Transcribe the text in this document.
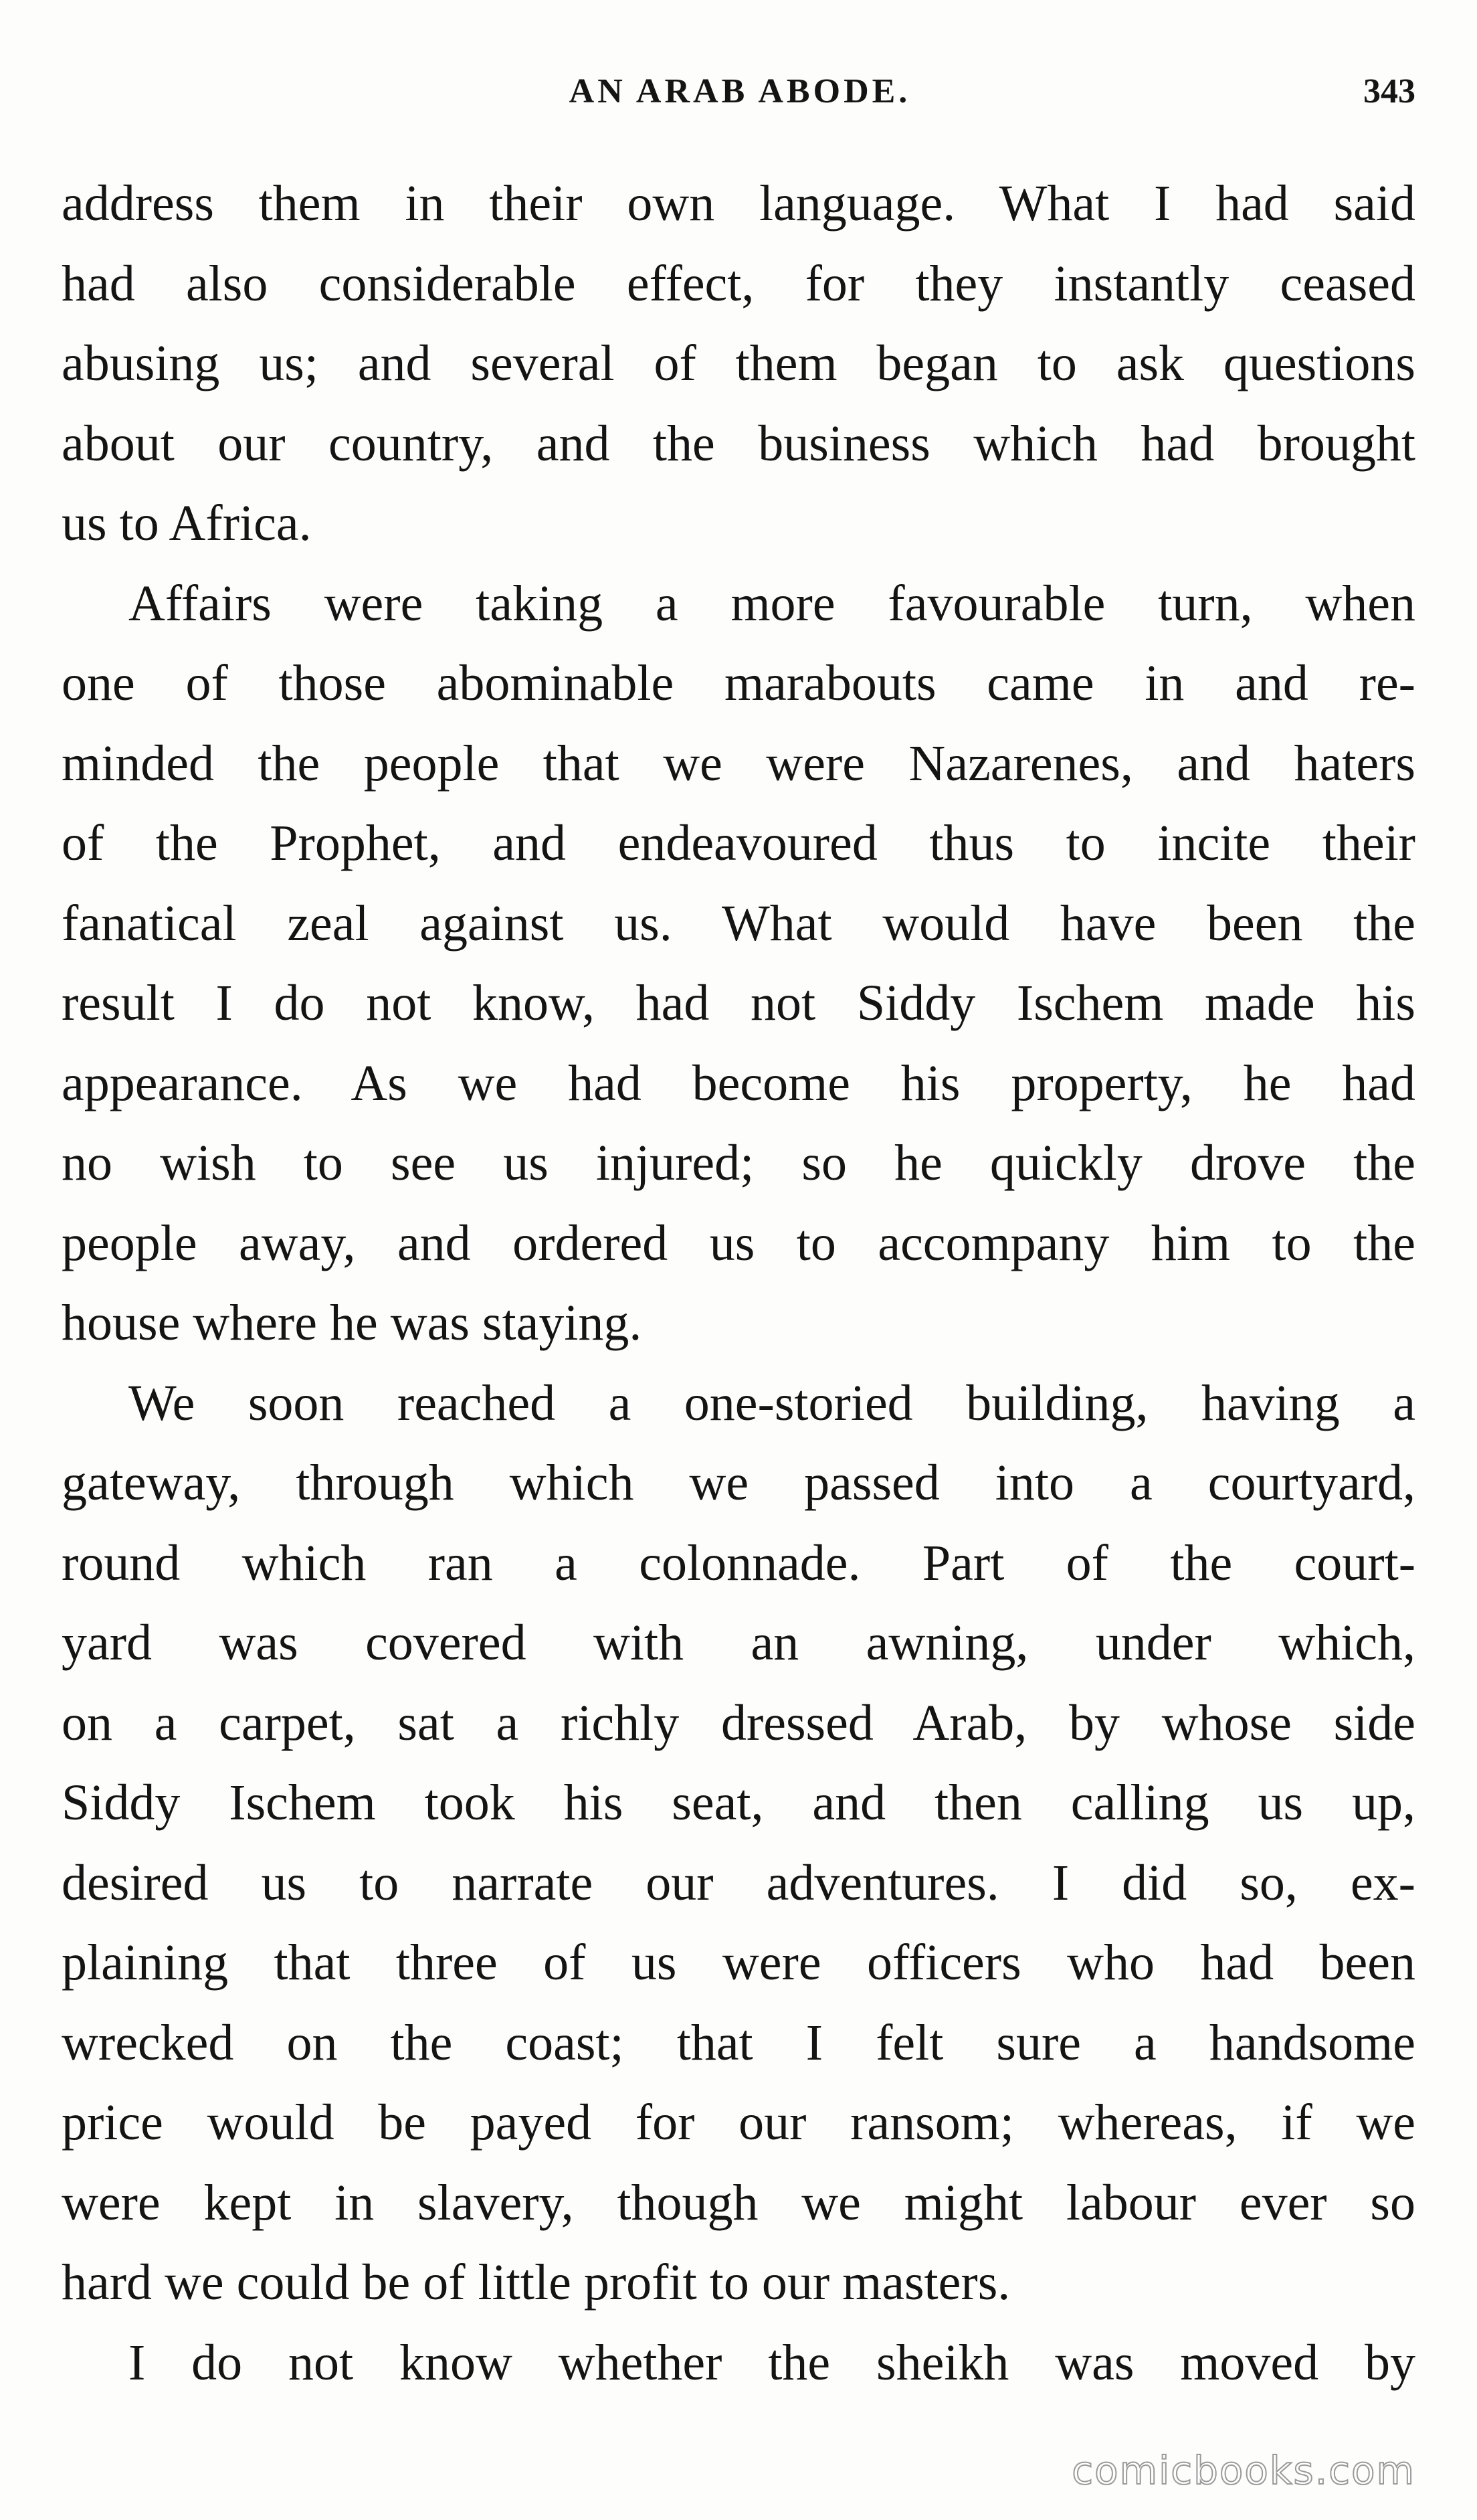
AN ARAB ABODE.	343
address them in their own language. What I had said
had also considerable effect, for they instantly ceased
abusing us; and several of them began to ask questions
about our country, and the business which had brought
us to Africa.
Affairs were taking a more favourable turn, when
one of those abominable marabouts came in and re-
minded the people that we were Nazarenes, and haters
of the Prophet, and endeavoured thus to incite their
fanatical zeal against us. What would have been the
result I do not know, had not Siddy Ischem made his
appearance. As we had become his property, he had
no wish to see us injured; so he quickly drove the
people away, and ordered us to accompany him to the
house where he was staying.
We soon reached a one-storied building, having a
gateway, through which we passed into a courtyard,
round which ran a colonnade. Part of the court-
yard was covered with an awning, under which,
on a carpet, sat a richly dressed Arab, by whose side
Siddy Ischem took his seat, and then calling us up,
desired us to narrate our adventures. I did so, ex-
plaining that three of us were officers who had been
wrecked on the coast; that I felt sure a handsome
price would be payed for our ransom; whereas, if we
were kept in slavery, though we might labour ever so
hard we could be of little profit to our masters.
I do not know whether the sheikh was moved by
comicbooks.com
